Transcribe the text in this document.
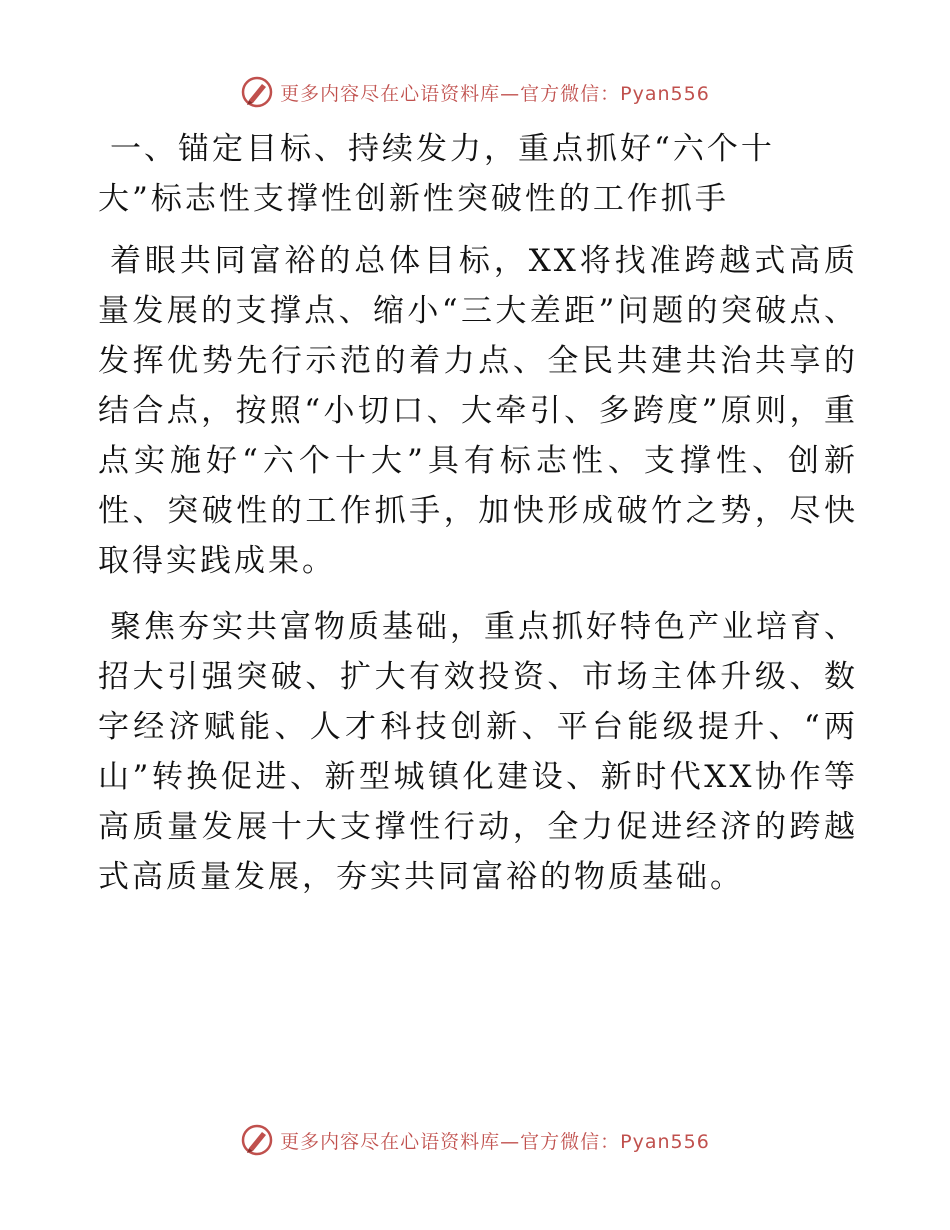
更多内容尽在心语资料库—官方微信：Pyan556
一、锚定目标、持续发力，重点抓好“六个十大”标志性支撑性创新性突破性的工作抓手

着眼共同富裕的总体目标，XX将找准跨越式高质量发展的支撑点、缩小“三大差距”问题的突破点、发挥优势先行示范的着力点、全民共建共治共享的结合点，按照“小切口、大牵引、多跨度”原则，重点实施好“六个十大”具有标志性、支撑性、创新性、突破性的工作抓手，加快形成破竹之势，尽快取得实践成果。

聚焦夯实共富物质基础，重点抓好特色产业培育、招大引强突破、扩大有效投资、市场主体升级、数字经济赋能、人才科技创新、平台能级提升、“两山”转换促进、新型城镇化建设、新时代XX协作等高质量发展十大支撑性行动，全力促进经济的跨越式高质量发展，夯实共同富裕的物质基础。

更多内容尽在心语资料库—官方微信：Pyan556
